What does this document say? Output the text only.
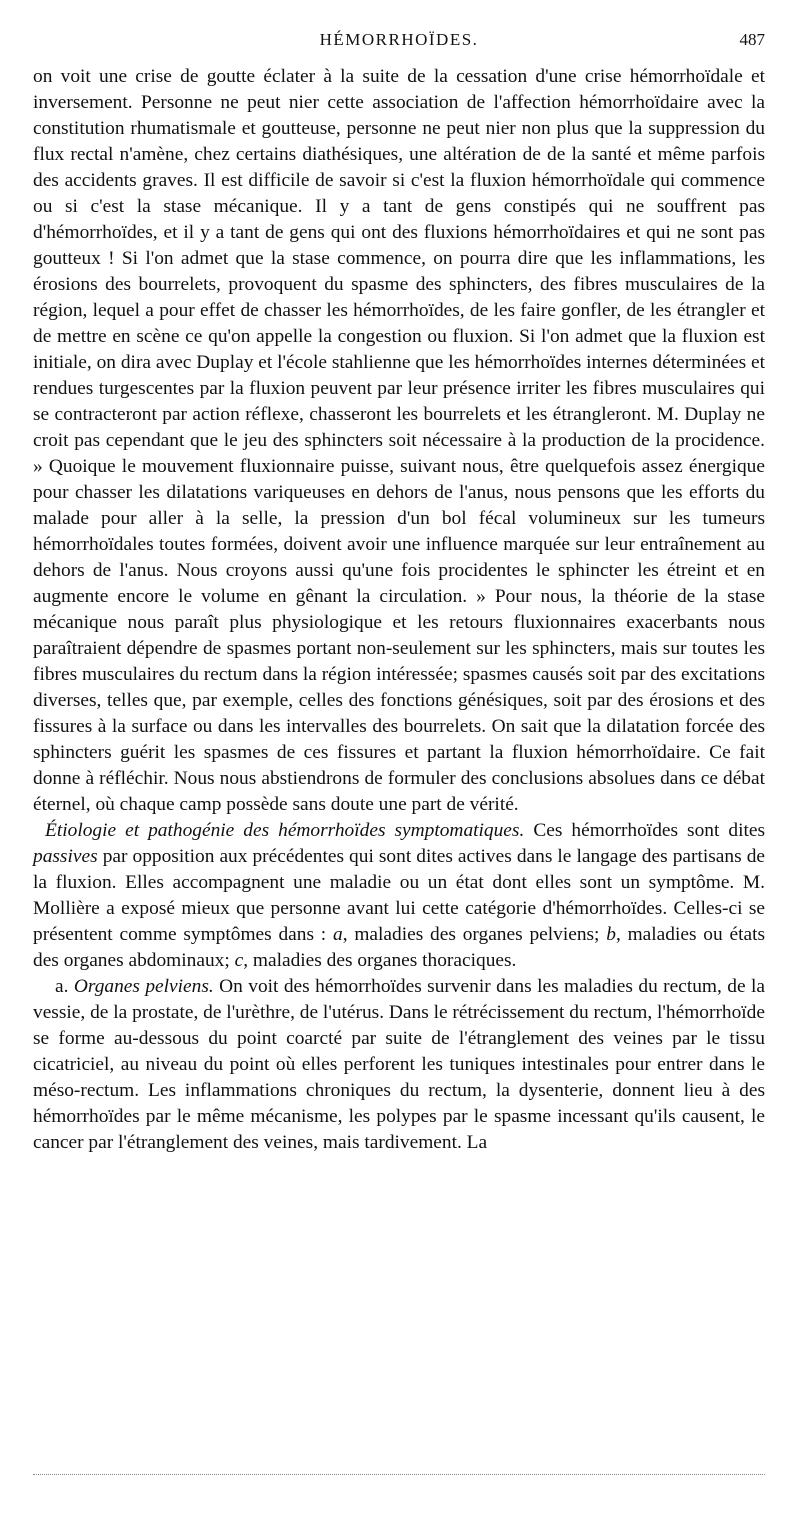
HÉMORRHOÏDES.	487

on voit une crise de goutte éclater à la suite de la cessation d'une crise hémorrhoïdale et inversement. Personne ne peut nier cette association de l'affection hémorrhoïdaire avec la constitution rhumatismale et goutteuse, personne ne peut nier non plus que la suppression du flux rectal n'amène, chez certains diathésiques, une altération de de la santé et même parfois des accidents graves. Il est difficile de savoir si c'est la fluxion hémorrhoïdale qui commence ou si c'est la stase mécanique. Il y a tant de gens constipés qui ne souffrent pas d'hémorrhoïdes, et il y a tant de gens qui ont des fluxions hémorrhoïdaires et qui ne sont pas goutteux ! Si l'on admet que la stase commence, on pourra dire que les inflammations, les érosions des bourrelets, provoquent du spasme des sphincters, des fibres musculaires de la région, lequel a pour effet de chasser les hémorrhoïdes, de les faire gonfler, de les étrangler et de mettre en scène ce qu'on appelle la congestion ou fluxion. Si l'on admet que la fluxion est initiale, on dira avec Duplay et l'école stahlienne que les hémorrhoïdes internes déterminées et rendues turgescentes par la fluxion peuvent par leur présence irriter les fibres musculaires qui se contracteront par action réflexe, chasseront les bourrelets et les étrangleront. M. Duplay ne croit pas cependant que le jeu des sphincters soit nécessaire à la production de la procidence. » Quoique le mouvement fluxionnaire puisse, suivant nous, être quelquefois assez énergique pour chasser les dilatations variqueuses en dehors de l'anus, nous pensons que les efforts du malade pour aller à la selle, la pression d'un bol fécal volumineux sur les tumeurs hémorrhoïdales toutes formées, doivent avoir une influence marquée sur leur entraînement au dehors de l'anus. Nous croyons aussi qu'une fois procidentes le sphincter les étreint et en augmente encore le volume en gênant la circulation. » Pour nous, la théorie de la stase mécanique nous paraît plus physiologique et les retours fluxionnaires exacerbants nous paraîtraient dépendre de spasmes portant non-seulement sur les sphincters, mais sur toutes les fibres musculaires du rectum dans la région intéressée; spasmes causés soit par des excitations diverses, telles que, par exemple, celles des fonctions génésiques, soit par des érosions et des fissures à la surface ou dans les intervalles des bourrelets. On sait que la dilatation forcée des sphincters guérit les spasmes de ces fissures et partant la fluxion hémorrhoïdaire. Ce fait donne à réfléchir. Nous nous abstiendrons de formuler des conclusions absolues dans ce débat éternel, où chaque camp possède sans doute une part de vérité.

Étiologie et pathogénie des hémorrhoïdes symptomatiques. Ces hémorrhoïdes sont dites passives par opposition aux précédentes qui sont dites actives dans le langage des partisans de la fluxion. Elles accompagnent une maladie ou un état dont elles sont un symptôme. M. Mollière a exposé mieux que personne avant lui cette catégorie d'hémorrhoïdes. Celles-ci se présentent comme symptômes dans : a, maladies des organes pelviens; b, maladies ou états des organes abdominaux; c, maladies des organes thoraciques.

a. Organes pelviens. On voit des hémorrhoïdes survenir dans les maladies du rectum, de la vessie, de la prostate, de l'urèthre, de l'utérus. Dans le rétrécissement du rectum, l'hémorrhoïde se forme au-dessous du point coarcté par suite de l'étranglement des veines par le tissu cicatriciel, au niveau du point où elles perforent les tuniques intestinales pour entrer dans le méso-rectum. Les inflammations chroniques du rectum, la dysenterie, donnent lieu à des hémorrhoïdes par le même mécanisme, les polypes par le spasme incessant qu'ils causent, le cancer par l'étranglement des veines, mais tardivement. La
